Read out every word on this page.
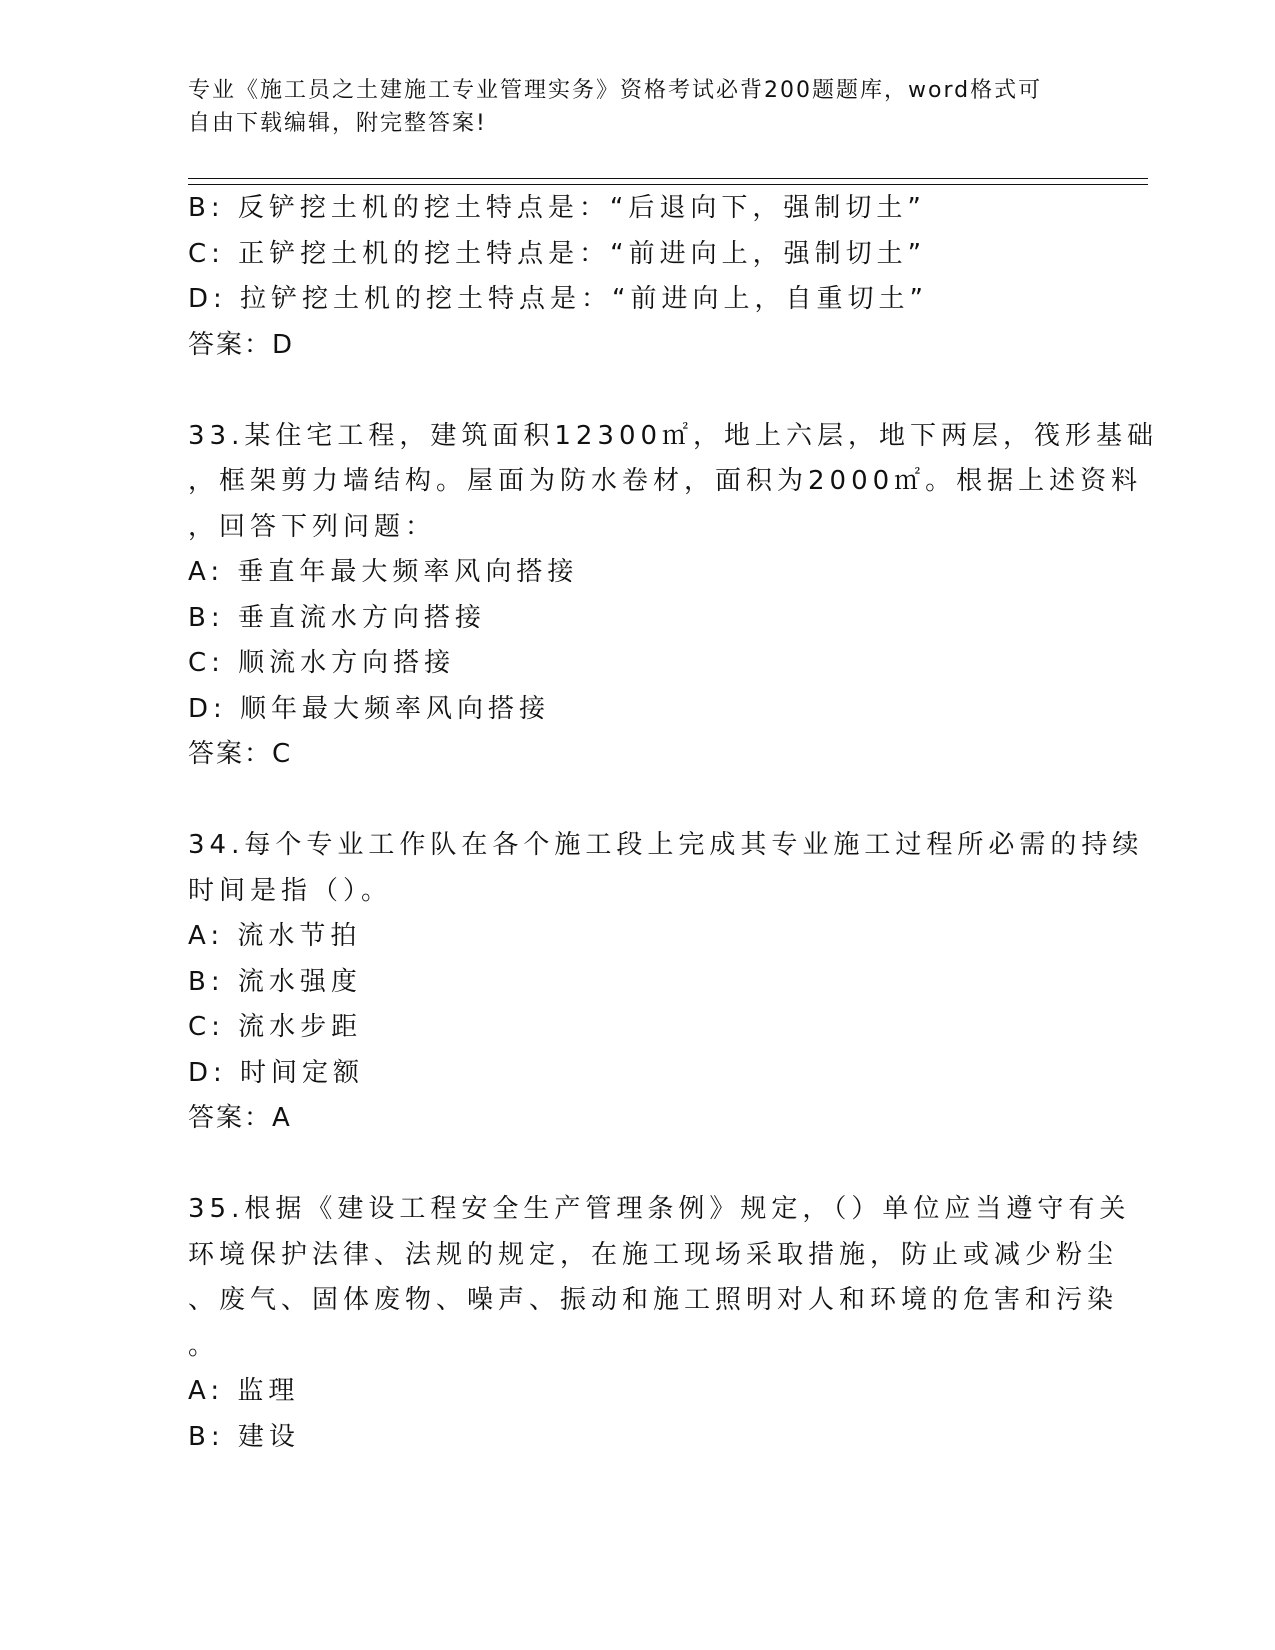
专业《施工员之土建施工专业管理实务》资格考试必背200题题库，word格式可
自由下载编辑，附完整答案!
B: 反铲挖土机的挖土特点是：“后退向下，强制切土”
C: 正铲挖土机的挖土特点是：“前进向上，强制切土”
D: 拉铲挖土机的挖土特点是：“前进向上，自重切土”
答案：D
33.某住宅工程，建筑面积12300㎡，地上六层，地下两层，筏形基础
，框架剪力墙结构。屋面为防水卷材，面积为2000㎡。根据上述资料
，回答下列问题：
A: 垂直年最大频率风向搭接
B: 垂直流水方向搭接
C: 顺流水方向搭接
D: 顺年最大频率风向搭接
答案：C
34.每个专业工作队在各个施工段上完成其专业施工过程所必需的持续
时间是指（）。
A: 流水节拍
B: 流水强度
C: 流水步距
D: 时间定额
答案：A
35.根据《建设工程安全生产管理条例》规定，（）单位应当遵守有关
环境保护法律、法规的规定，在施工现场采取措施，防止或减少粉尘
、废气、固体废物、噪声、振动和施工照明对人和环境的危害和污染
。
A: 监理
B: 建设
